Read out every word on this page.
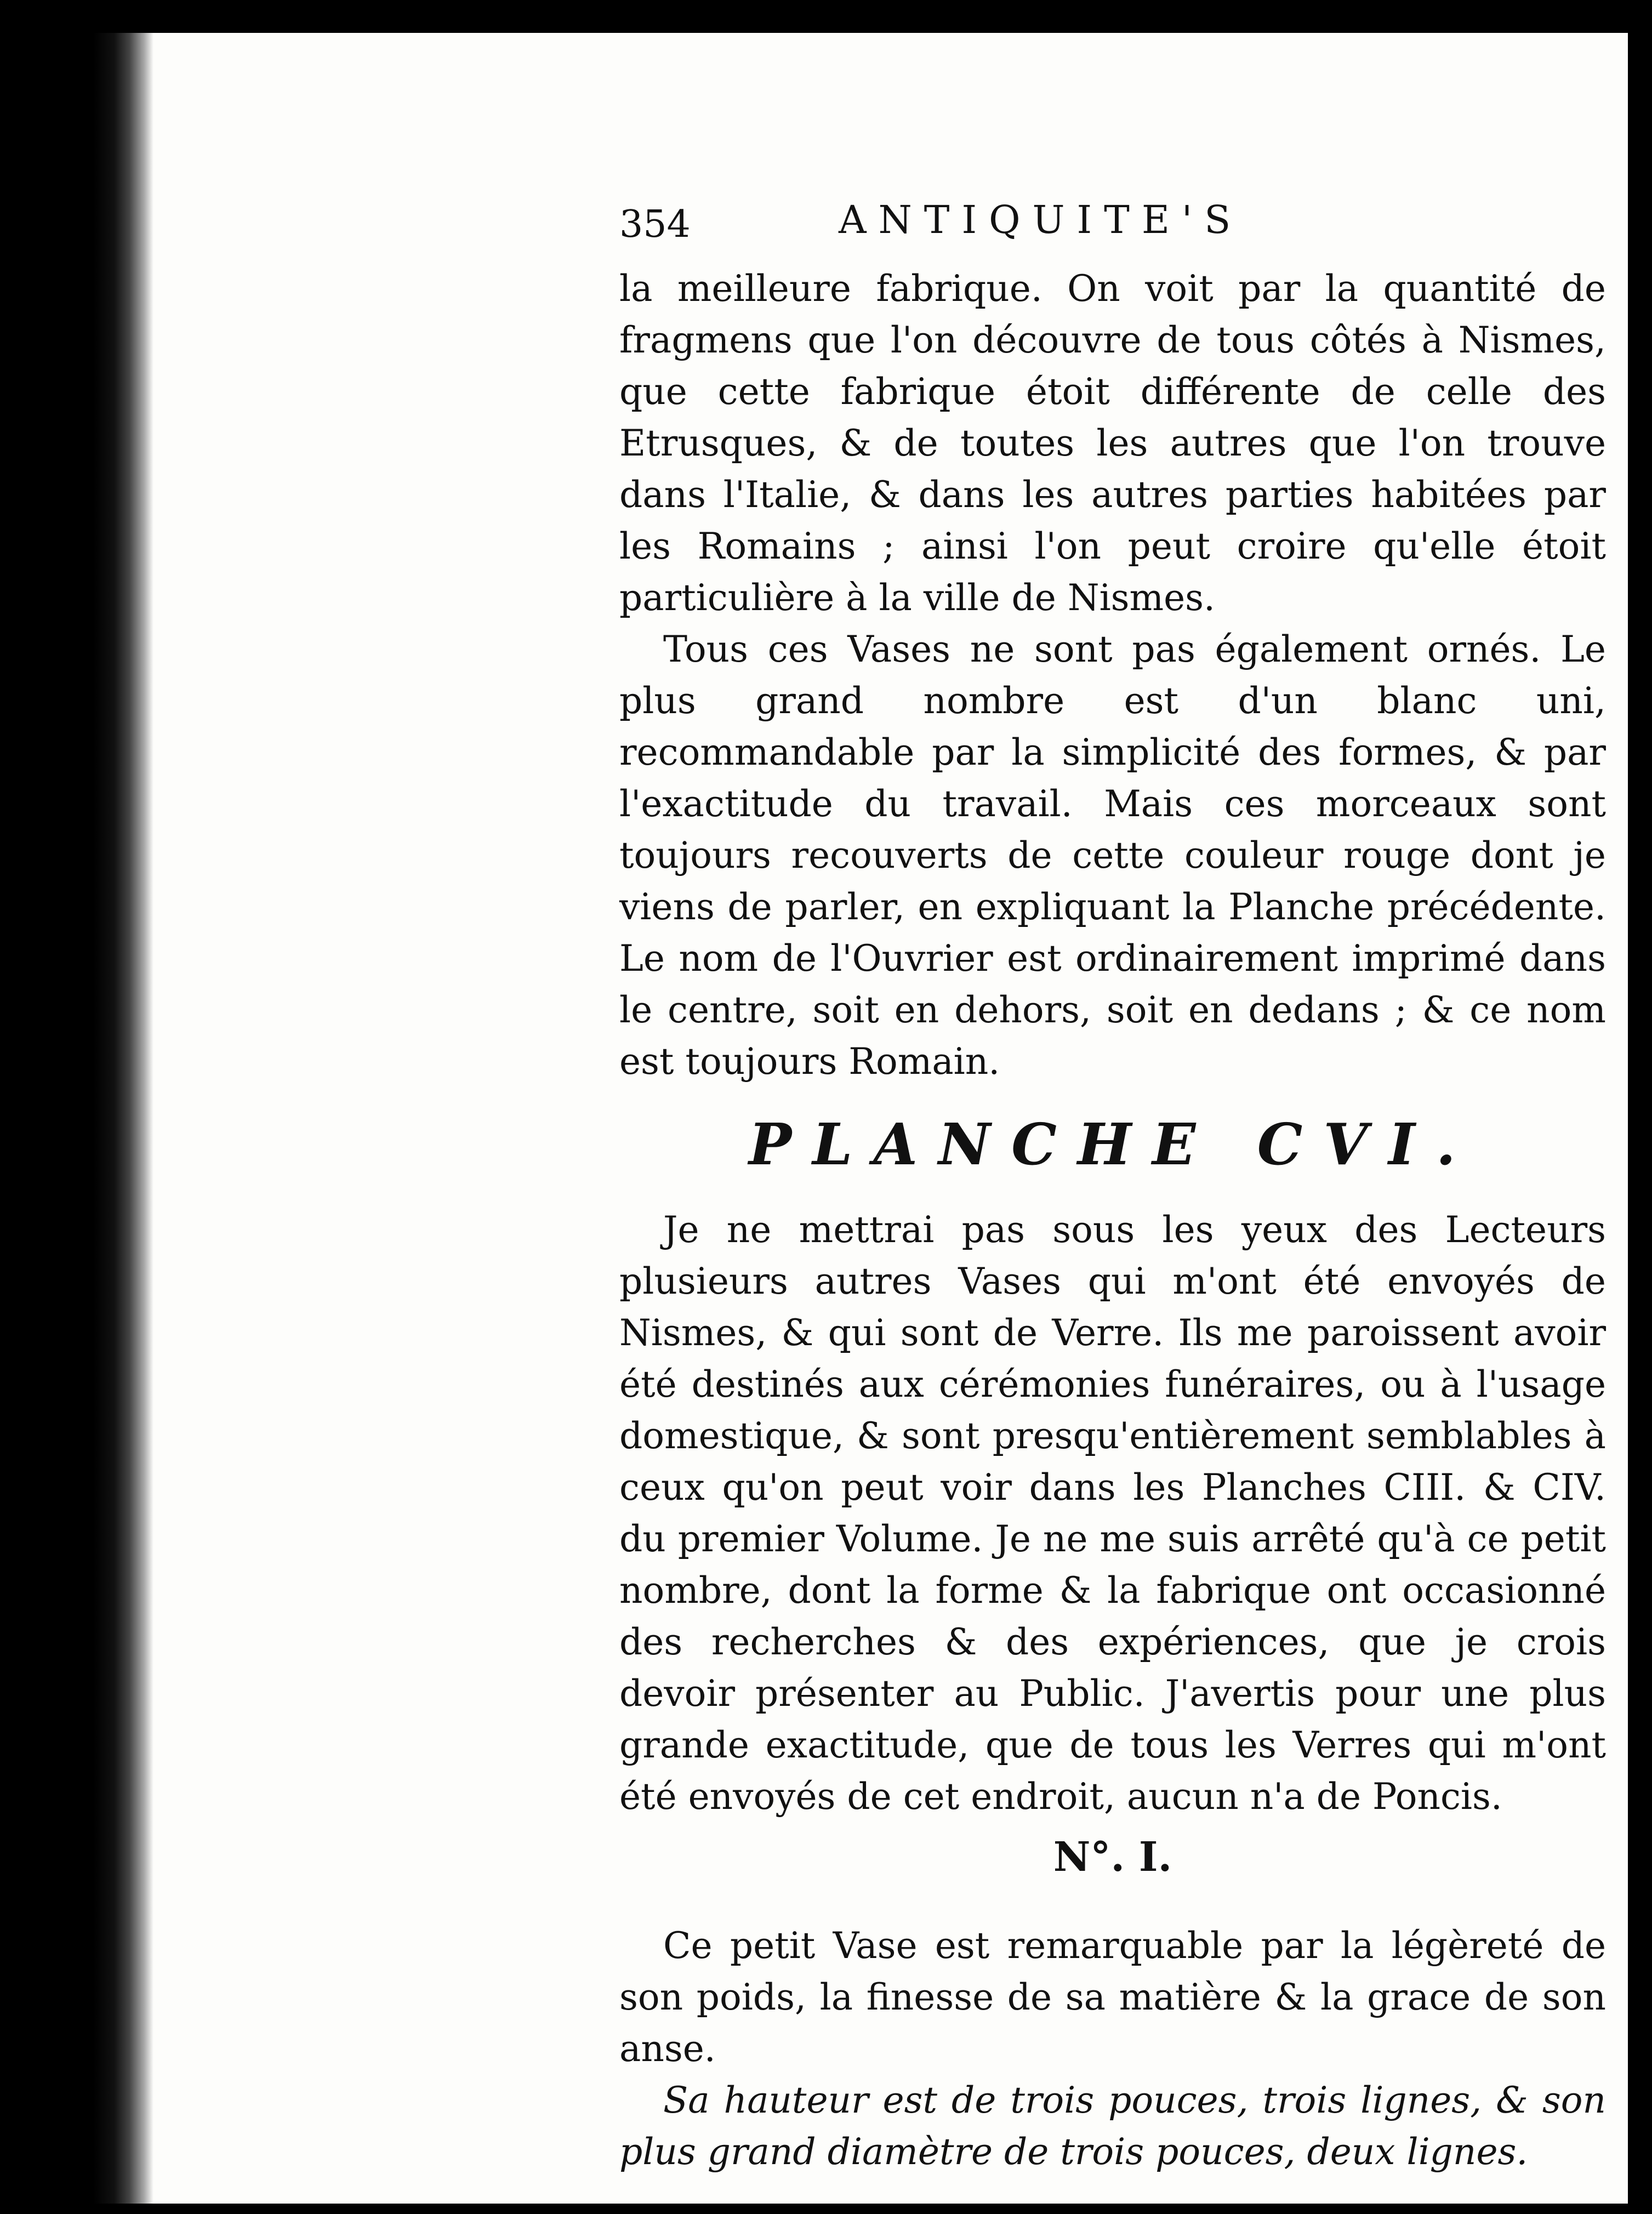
354	ANTIQUITE'S

la meilleure fabrique. On voit par la quantité de fragmens que l'on découvre de tous côtés à Nismes, que cette fabrique étoit différente de celle des Etrusques, & de toutes les autres que l'on trouve dans l'Italie, & dans les autres parties habitées par les Romains ; ainsi l'on peut croire qu'elle étoit particulière à la ville de Nismes.

Tous ces Vases ne sont pas également ornés. Le plus grand nombre est d'un blanc uni, recommandable par la simplicité des formes, & par l'exactitude du travail. Mais ces morceaux sont toujours recouverts de cette couleur rouge dont je viens de parler, en expliquant la Planche précédente. Le nom de l'Ouvrier est ordinairement imprimé dans le centre, soit en dehors, soit en dedans ; & ce nom est toujours Romain.

PLANCHE CVI.

Je ne mettrai pas sous les yeux des Lecteurs plusieurs autres Vases qui m'ont été envoyés de Nismes, & qui sont de Verre. Ils me paroissent avoir été destinés aux cérémonies funéraires, ou à l'usage domestique, & sont presqu'entièrement semblables à ceux qu'on peut voir dans les Planches CIII. & CIV. du premier Volume. Je ne me suis arrêté qu'à ce petit nombre, dont la forme & la fabrique ont occasionné des recherches & des expériences, que je crois devoir présenter au Public. J'avertis pour une plus grande exactitude, que de tous les Verres qui m'ont été envoyés de cet endroit, aucun n'a de Poncis.

N°. I.

Ce petit Vase est remarquable par la légèreté de son poids, la finesse de sa matière & la grace de son anse.

Sa hauteur est de trois pouces, trois lignes, & son plus grand diamètre de trois pouces, deux lignes.
